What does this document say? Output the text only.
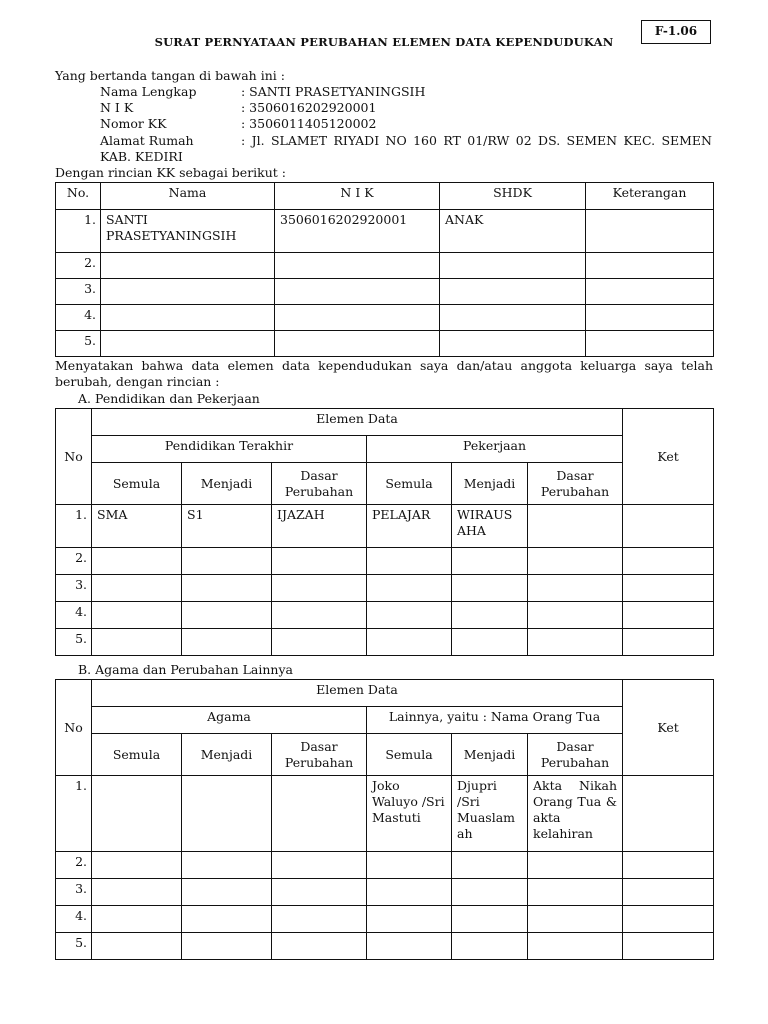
F-1.06
SURAT PERNYATAAN PERUBAHAN ELEMEN DATA KEPENDUDUKAN
Yang bertanda tangan di bawah ini :
Nama Lengkap	: SANTI PRASETYANINGSIH
N I K	: 3506016202920001
Nomor KK	: 3506011405120002
Alamat Rumah	: Jl. SLAMET RIYADI NO 160 RT 01/RW 02 DS. SEMEN KEC. SEMEN
KAB. KEDIRI
Dengan rincian KK sebagai berikut :
No.	Nama	N I K	SHDK	Keterangan
1.	SANTI PRASETYANINGSIH	3506016202920001	ANAK	
2.				
3.				
4.				
5.				
Menyatakan bahwa data elemen data kependudukan saya dan/atau anggota keluarga saya telah berubah, dengan rincian :
A. Pendidikan dan Pekerjaan
No	Elemen Data						Ket
	Pendidikan Terakhir			Pekerjaan			
	Semula	Menjadi	Dasar Perubahan	Semula	Menjadi	Dasar Perubahan	
1.	SMA	S1	IJAZAH	PELAJAR	WIRAUS AHA		
2.							
3.							
4.							
5.							
B. Agama dan Perubahan Lainnya
No	Elemen Data						Ket
	Agama			Lainnya, yaitu : Nama Orang Tua			
	Semula	Menjadi	Dasar Perubahan	Semula	Menjadi	Dasar Perubahan	
1.				Joko Waluyo /Sri Mastuti	Djupri /Sri Muaslam ah	Akta Nikah Orang Tua & akta kelahiran	
2.							
3.							
4.							
5.							
